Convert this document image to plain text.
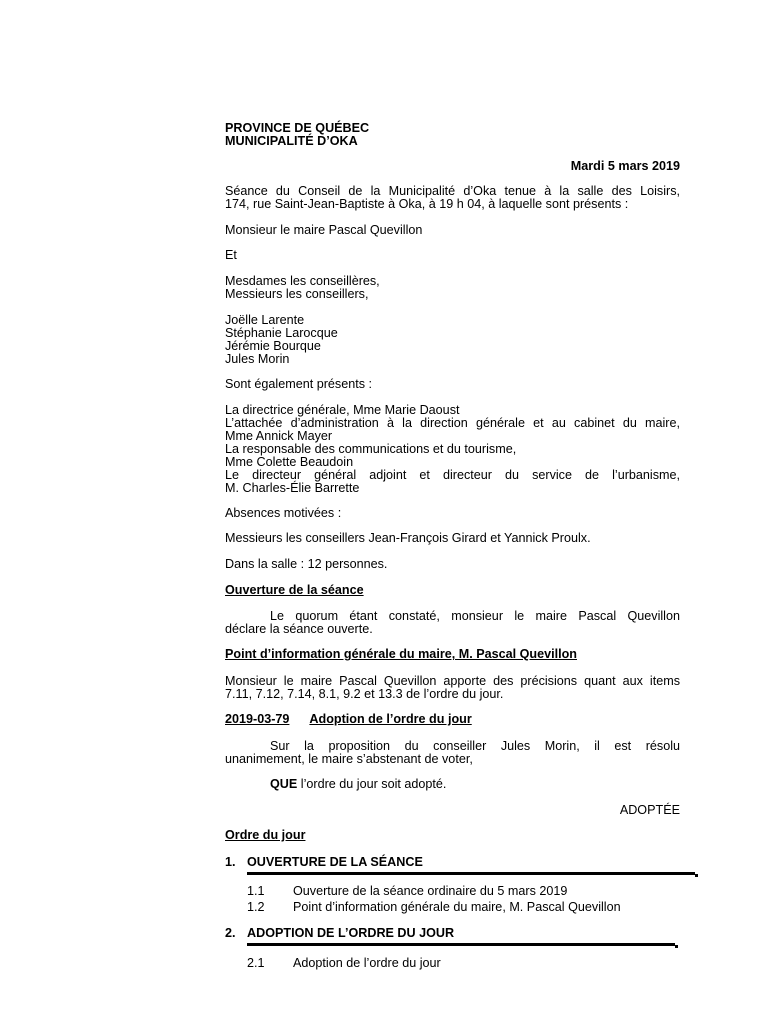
PROVINCE DE QUÉBEC
MUNICIPALITÉ D’OKA
Mardi 5 mars 2019
Séance du Conseil de la Municipalité d’Oka tenue à la salle des Loisirs,
174, rue Saint-Jean-Baptiste à Oka, à 19 h 04, à laquelle sont présents :
Monsieur le maire Pascal Quevillon
Et
Mesdames les conseillères,
Messieurs les conseillers,
Joëlle Larente
Stéphanie Larocque
Jérémie Bourque
Jules Morin
Sont également présents :
La directrice générale, Mme Marie Daoust
L’attachée d’administration à la direction générale et au cabinet du maire,
Mme Annick Mayer
La responsable des communications et du tourisme,
Mme Colette Beaudoin
Le directeur général adjoint et directeur du service de l’urbanisme,
M. Charles-Élie Barrette
Absences motivées :
Messieurs les conseillers Jean-François Girard et Yannick Proulx.
Dans la salle : 12 personnes.
Ouverture de la séance
Le quorum étant constaté, monsieur le maire Pascal Quevillon
déclare la séance ouverte.
Point d’information générale du maire, M. Pascal Quevillon
Monsieur le maire Pascal Quevillon apporte des précisions quant aux items
7.11, 7.12, 7.14, 8.1, 9.2 et 13.3 de l’ordre du jour.
2019-03-79 Adoption de l’ordre du jour
Sur la proposition du conseiller Jules Morin, il est résolu
unanimement, le maire s’abstenant de voter,
QUE l’ordre du jour soit adopté.
ADOPTÉE
Ordre du jour
1. OUVERTURE DE LA SÉANCE
1.1 Ouverture de la séance ordinaire du 5 mars 2019
1.2 Point d’information générale du maire, M. Pascal Quevillon
2. ADOPTION DE L’ORDRE DU JOUR
2.1 Adoption de l’ordre du jour
